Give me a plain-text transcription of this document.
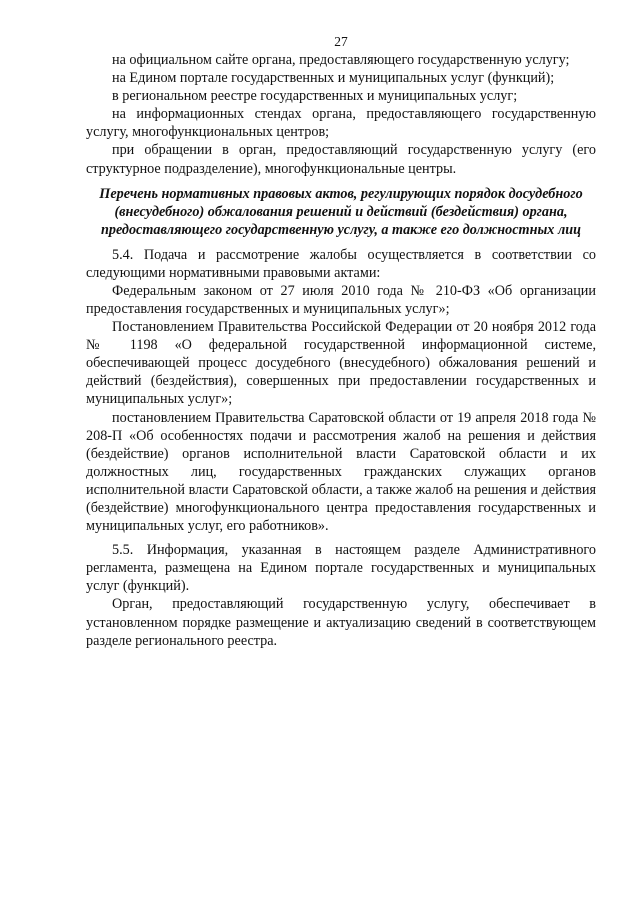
27

на официальном сайте органа, предоставляющего государственную услугу;

на Едином портале государственных и муниципальных услуг (функций);

в региональном реестре государственных и муниципальных услуг;

на информационных стендах органа, предоставляющего государственную услугу, многофункциональных центров;

при обращении в орган, предоставляющий государственную услугу (его структурное подразделение), многофункциональные центры.

Перечень нормативных правовых актов, регулирующих порядок досудебного (внесудебного) обжалования решений и действий (бездействия) органа, предоставляющего государственную услугу, а также его должностных лиц

5.4. Подача и рассмотрение жалобы осуществляется в соответствии со следующими нормативными правовыми актами:

Федеральным законом от 27 июля 2010 года № 210-ФЗ «Об организации предоставления государственных и муниципальных услуг»;

Постановлением Правительства Российской Федерации от 20 ноября 2012 года № 1198 «О федеральной государственной информационной системе, обеспечивающей процесс досудебного (внесудебного) обжалования решений и действий (бездействия), совершенных при предоставлении государственных и муниципальных услуг»;

постановлением Правительства Саратовской области от 19 апреля 2018 года № 208-П «Об особенностях подачи и рассмотрения жалоб на решения и действия (бездействие) органов исполнительной власти Саратовской области и их должностных лиц, государственных гражданских служащих органов исполнительной власти Саратовской области, а также жалоб на решения и действия (бездействие) многофункционального центра предоставления государственных и муниципальных услуг, его работников».

5.5. Информация, указанная в настоящем разделе Административного регламента, размещена на Едином портале государственных и муниципальных услуг (функций).

Орган, предоставляющий государственную услугу, обеспечивает в установленном порядке размещение и актуализацию сведений в соответствующем разделе регионального реестра.
